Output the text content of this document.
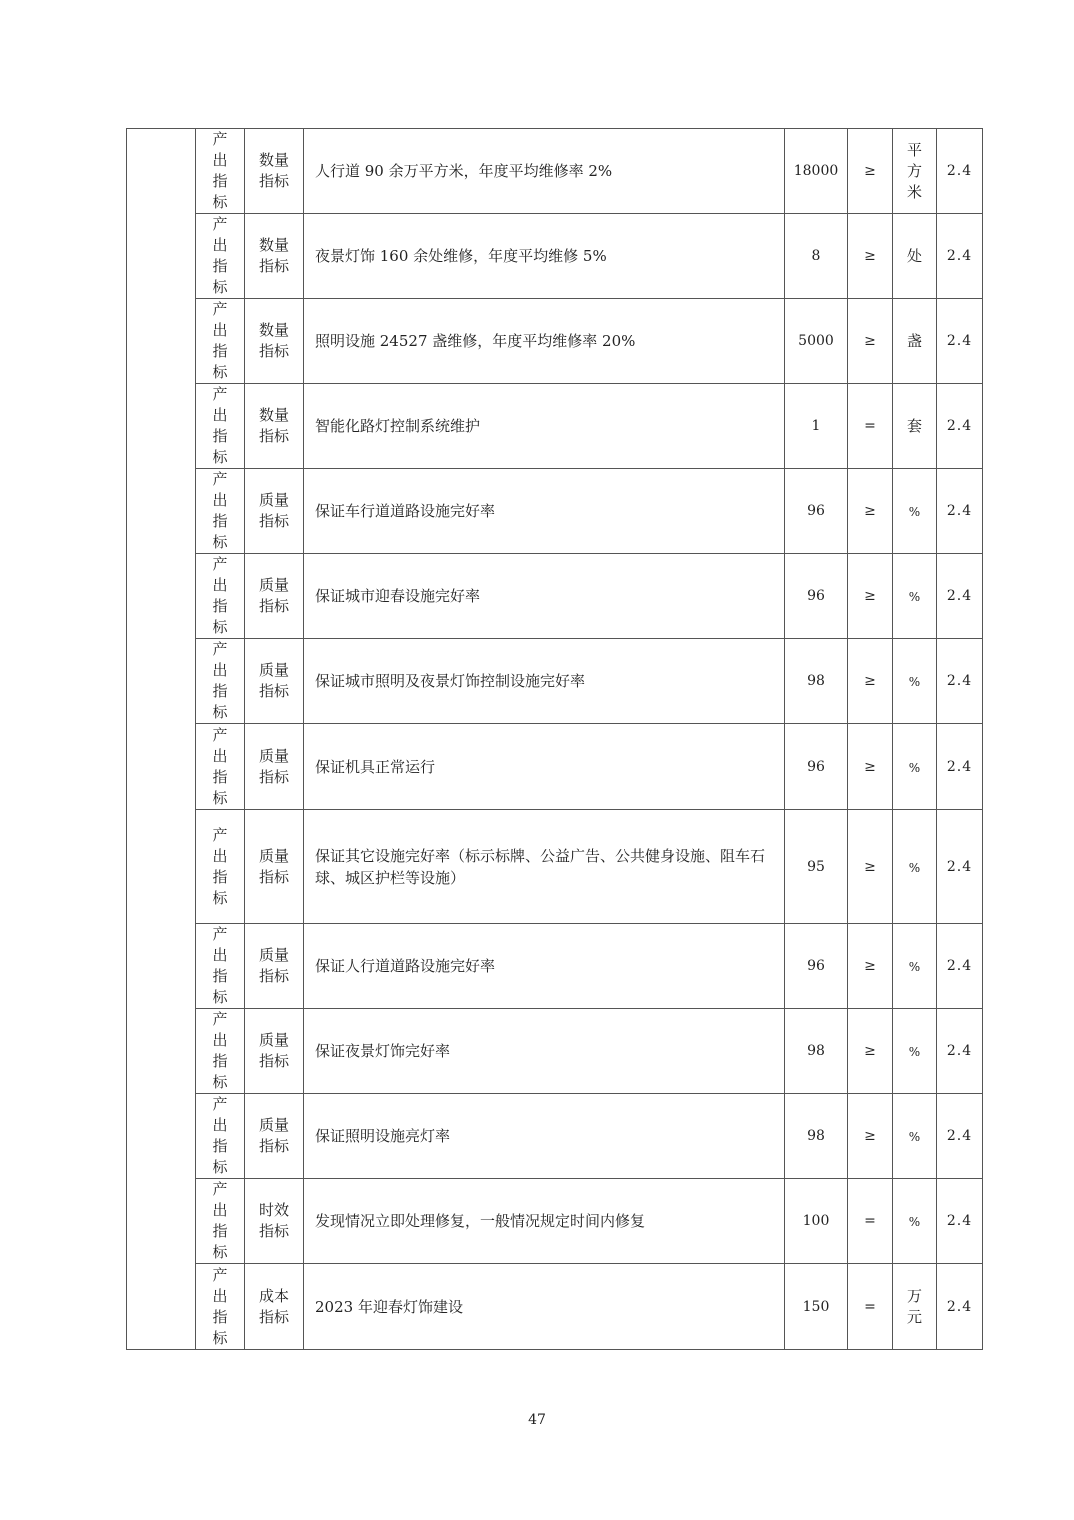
	产出指标	数量指标	人行道 90 余万平方米，年度平均维修率 2%	18000	≥	平方米	2.4
	产出指标	数量指标	夜景灯饰 160 余处维修，年度平均维修 5%	8	≥	处	2.4
	产出指标	数量指标	照明设施 24527 盏维修，年度平均维修率 20%	5000	≥	盏	2.4
	产出指标	数量指标	智能化路灯控制系统维护	1	=	套	2.4
	产出指标	质量指标	保证车行道道路设施完好率	96	≥	%	2.4
	产出指标	质量指标	保证城市迎春设施完好率	96	≥	%	2.4
	产出指标	质量指标	保证城市照明及夜景灯饰控制设施完好率	98	≥	%	2.4
	产出指标	质量指标	保证机具正常运行	96	≥	%	2.4
	产出指标	质量指标	保证其它设施完好率（标示标牌、公益广告、公共健身设施、阻车石球、城区护栏等设施）	95	≥	%	2.4
	产出指标	质量指标	保证人行道道路设施完好率	96	≥	%	2.4
	产出指标	质量指标	保证夜景灯饰完好率	98	≥	%	2.4
	产出指标	质量指标	保证照明设施亮灯率	98	≥	%	2.4
	产出指标	时效指标	发现情况立即处理修复，一般情况规定时间内修复	100	=	%	2.4
	产出指标	成本指标	2023 年迎春灯饰建设	150	=	万元	2.4
47
